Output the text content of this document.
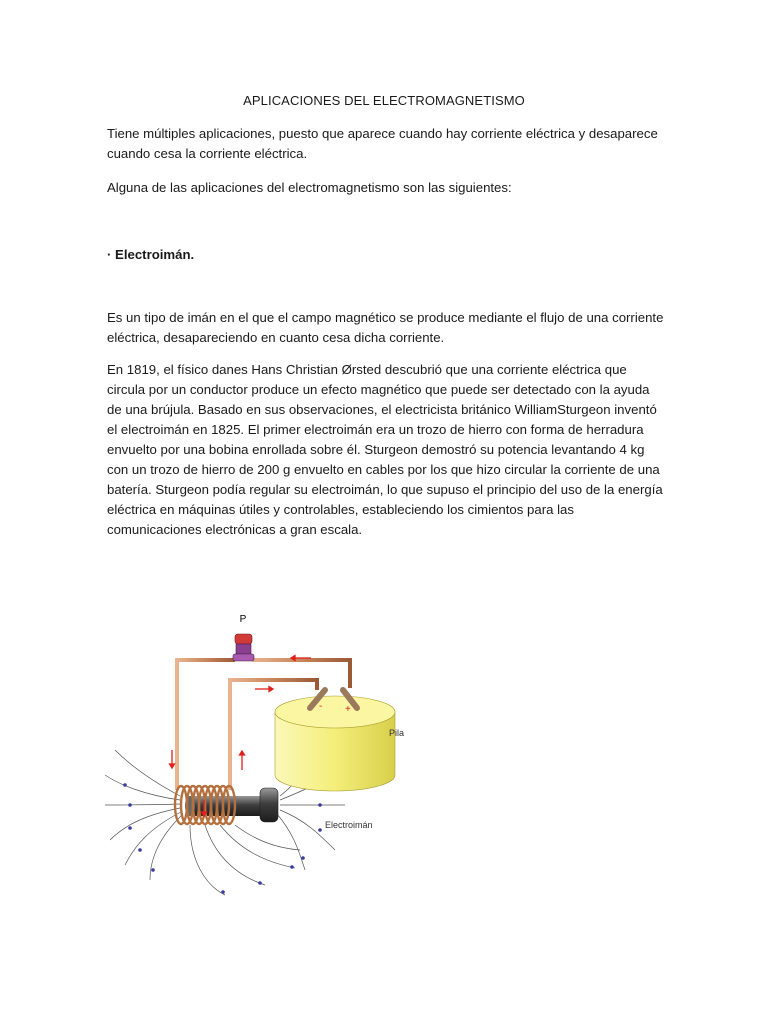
APLICACIONES DEL ELECTROMAGNETISMO

Tiene múltiples aplicaciones, puesto que aparece cuando hay corriente eléctrica y desaparece cuando cesa la corriente eléctrica.

Alguna de las aplicaciones del electromagnetismo son las siguientes:

· Electroimán.

Es un tipo de imán en el que el campo magnético se produce mediante el flujo de una corriente eléctrica, desapareciendo en cuanto cesa dicha corriente.

En 1819, el físico danes Hans Christian Ørsted descubrió que una corriente eléctrica que circula por un conductor produce un efecto magnético que puede ser detectado con la ayuda de una brújula. Basado en sus observaciones, el electricista británico WilliamSturgeon inventó el electroimán en 1825. El primer electroimán era un trozo de hierro con forma de herradura envuelto por una bobina enrollada sobre él. Sturgeon demostró su potencia levantando 4 kg con un trozo de hierro de 200 g envuelto en cables por los que hizo circular la corriente de una batería. Sturgeon podía regular su electroimán, lo que supuso el principio del uso de la energía eléctrica en máquinas útiles y controlables, estableciendo los cimientos para las comunicaciones electrónicas a gran escala.

P
- +
Pila
Electroimán
